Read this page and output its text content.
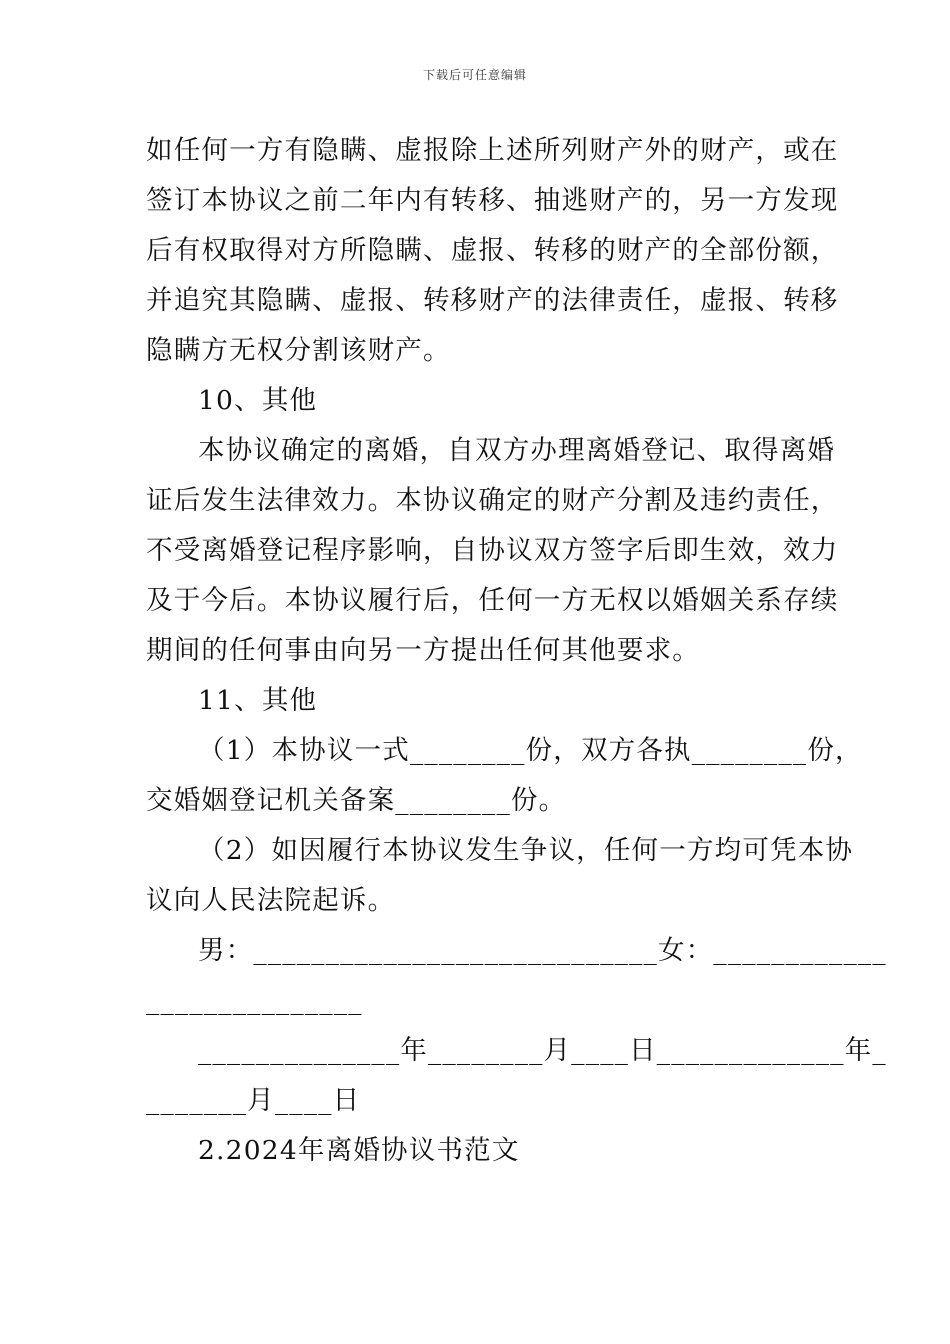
下载后可任意编辑
如任何一方有隐瞒、虚报除上述所列财产外的财产，或在
签订本协议之前二年内有转移、抽逃财产的，另一方发现
后有权取得对方所隐瞒、虚报、转移的财产的全部份额，
并追究其隐瞒、虚报、转移财产的法律责任，虚报、转移
隐瞒方无权分割该财产。
10、其他
本协议确定的离婚，自双方办理离婚登记、取得离婚
证后发生法律效力。本协议确定的财产分割及违约责任，
不受离婚登记程序影响，自协议双方签字后即生效，效力
及于今后。本协议履行后，任何一方无权以婚姻关系存续
期间的任何事由向另一方提出任何其他要求。
11、其他
（1）本协议一式________份，双方各执________份，
交婚姻登记机关备案________份。
（2）如因履行本协议发生争议，任何一方均可凭本协
议向人民法院起诉。
男：____________________________女：____________
_______________
______________年________月____日_____________年_
_______月____日
2.2024年离婚协议书范文
